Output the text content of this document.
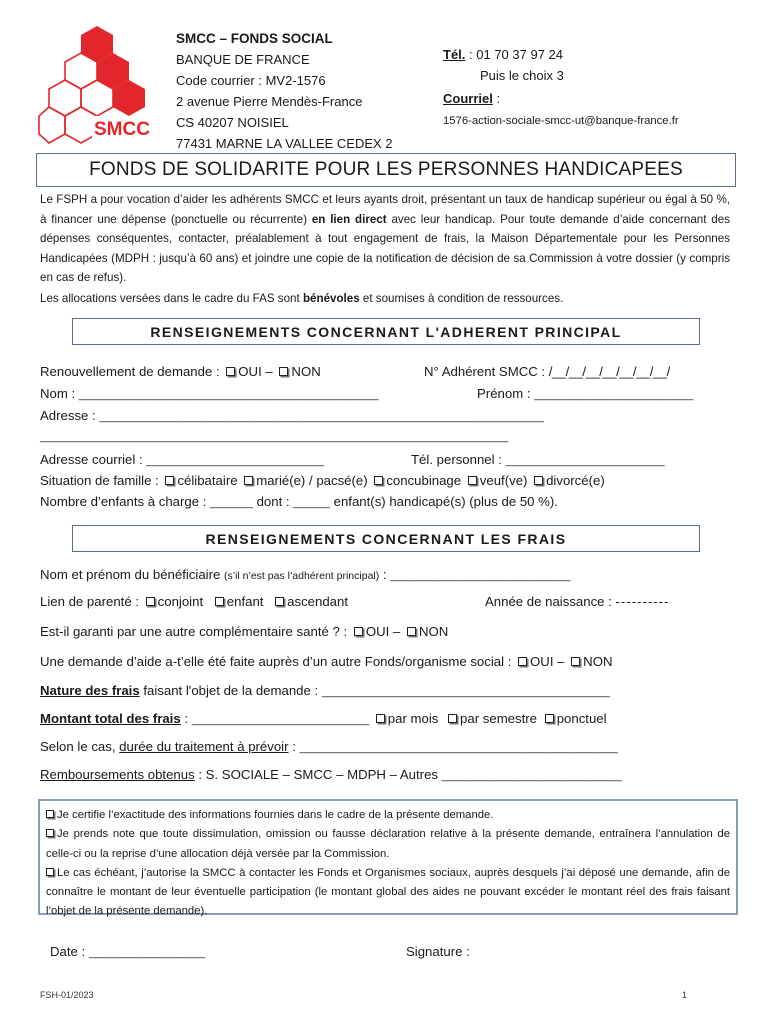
SMCC
SMCC – FONDS SOCIAL
BANQUE DE FRANCE
Code courrier : MV2-1576
2 avenue Pierre Mendès-France
CS 40207 NOISIEL
77431 MARNE LA VALLEE CEDEX 2
Tél. : 01 70 37 97 24
Puis le choix 3
Courriel :
1576-action-sociale-smcc-ut@banque-france.fr
FONDS DE SOLIDARITE POUR LES PERSONNES HANDICAPEES
Le FSPH a pour vocation d’aider les adhérents SMCC et leurs ayants droit, présentant un taux de handicap supérieur ou égal à 50 %, à financer une dépense (ponctuelle ou récurrente) en lien direct avec leur handicap. Pour toute demande d’aide concernant des dépenses conséquentes, contacter, préalablement à tout engagement de frais, la Maison Départementale pour les Personnes Handicapées (MDPH : jusqu’à 60 ans) et joindre une copie de la notification de décision de sa Commission à votre dossier (y compris en cas de refus).
Les allocations versées dans le cadre du FAS sont bénévoles et soumises à condition de ressources.
RENSEIGNEMENTS CONCERNANT L'ADHERENT PRINCIPAL
Renouvellement de demande : OUI – NON	N° Adhérent SMCC : /__/__/__/__/__/__/__/
Nom : _________________________________________________	Prénom : __________________________
Adresse : __________________________________________________________________________
______________________________________________________________________________
Adresse courriel : _____________________________	Tél. personnel : __________________________
Situation de famille : célibataire marié(e) / pacsé(e) concubinage veuf(ve) divorcé(e)
Nombre d’enfants à charge : _______ dont : ______ enfant(s) handicapé(s) (plus de 50 %).
RENSEIGNEMENTS CONCERNANT LES FRAIS
Nom et prénom du bénéficiaire (s’il n’est pas l’adhérent principal) : ______________________________
Lien de parenté : conjoint enfant ascendant	Année de naissance : ----------
Est-il garanti par une autre complémentaire santé ? : OUI – NON
Une demande d’aide a-t’elle été faite auprès d’un autre Fonds/organisme social : OUI – NON
Nature des frais faisant l'objet de la demande : ________________________________________________
Montant total des frais : _____________________________ par mois par semestre ponctuel
Selon le cas, durée du traitement à prévoir : _____________________________________________________
Remboursements obtenus : S. SOCIALE – SMCC – MDPH – Autres ______________________________
Je certifie l’exactitude des informations fournies dans le cadre de la présente demande.
Je prends note que toute dissimulation, omission ou fausse déclaration relative à la présente demande, entraînera l’annulation de celle-ci ou la reprise d’une allocation déjà versée par la Commission.
Le cas échéant, j’autorise la SMCC à contacter les Fonds et Organismes sociaux, auprès desquels j’ai déposé une demande, afin de connaître le montant de leur éventuelle participation (le montant global des aides ne pouvant excéder le montant réel des frais faisant l’objet de la présente demande).
Date : ___________________	Signature :
FSH-01/2023	1
